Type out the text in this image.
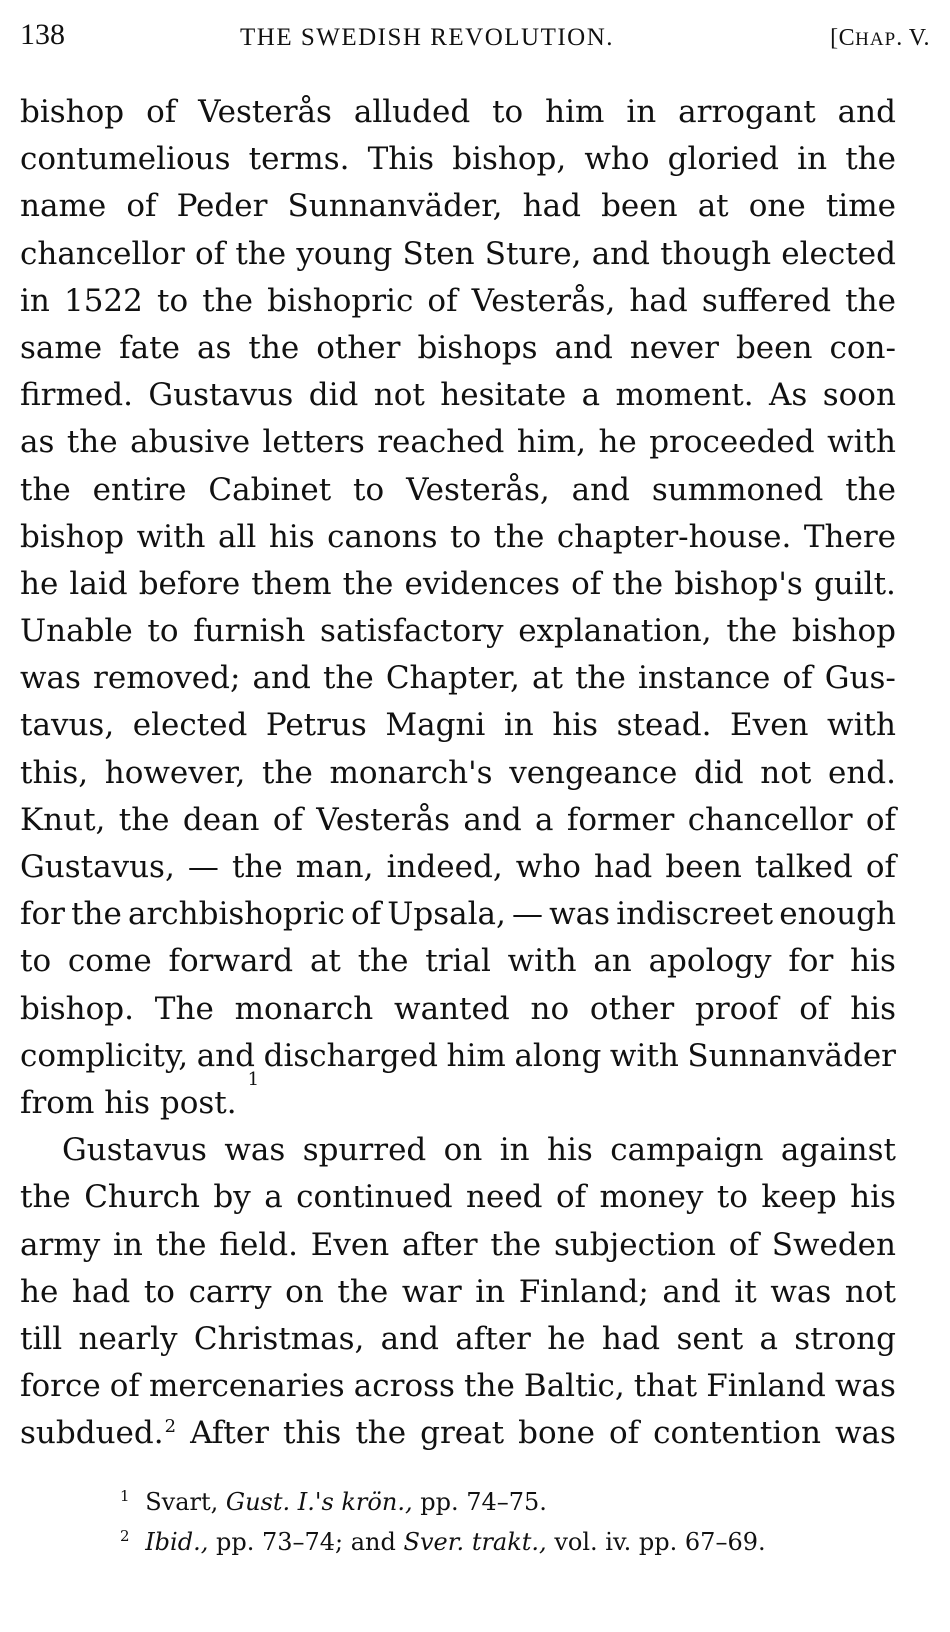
138	THE SWEDISH REVOLUTION.	[CHAP. V.
bishop of Vesterås alluded to him in arrogant and
contumelious terms. This bishop, who gloried in the
name of Peder Sunnanväder, had been at one time
chancellor of the young Sten Sture, and though elected
in 1522 to the bishopric of Vesterås, had suffered the
same fate as the other bishops and never been con-
firmed. Gustavus did not hesitate a moment. As soon
as the abusive letters reached him, he proceeded with
the entire Cabinet to Vesterås, and summoned the
bishop with all his canons to the chapter-house. There
he laid before them the evidences of the bishop's guilt.
Unable to furnish satisfactory explanation, the bishop
was removed; and the Chapter, at the instance of Gus-
tavus, elected Petrus Magni in his stead. Even with
this, however, the monarch's vengeance did not end.
Knut, the dean of Vesterås and a former chancellor of
Gustavus, — the man, indeed, who had been talked of
for the archbishopric of Upsala, — was indiscreet enough
to come forward at the trial with an apology for his
bishop. The monarch wanted no other proof of his
complicity, and discharged him along with Sunnanväder
from his post.
1
Gustavus was spurred on in his campaign against
the Church by a continued need of money to keep his
army in the field. Even after the subjection of Sweden
he had to carry on the war in Finland; and it was not
till nearly Christmas, and after he had sent a strong
force of mercenaries across the Baltic, that Finland was
subdued.$^2$ After this the great bone of contention was
$^1$ Svart, Gust. I.'s krön., pp. 74–75.
$^2$ Ibid., pp. 73–74; and Sver. trakt., vol. iv. pp. 67–69.
